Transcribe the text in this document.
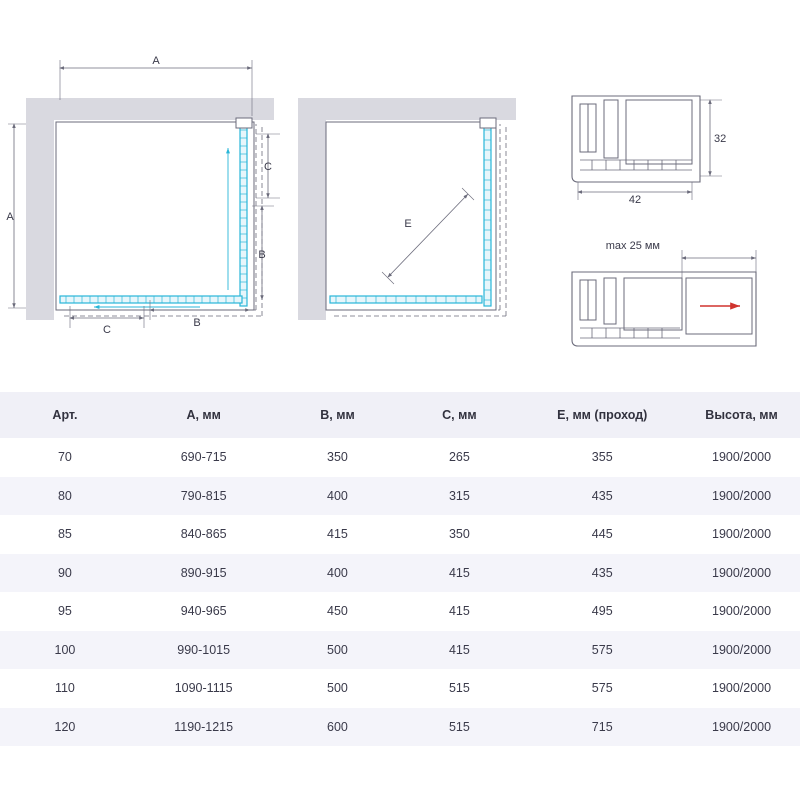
A
A
C
B
C
B
E
32
42
max 25 мм
Арт.	A, мм	B, мм	C, мм	E, мм (проход)	Высота, мм
70	690-715	350	265	355	1900/2000
80	790-815	400	315	435	1900/2000
85	840-865	415	350	445	1900/2000
90	890-915	400	415	435	1900/2000
95	940-965	450	415	495	1900/2000
100	990-1015	500	415	575	1900/2000
110	1090-1115	500	515	575	1900/2000
120	1190-1215	600	515	715	1900/2000
